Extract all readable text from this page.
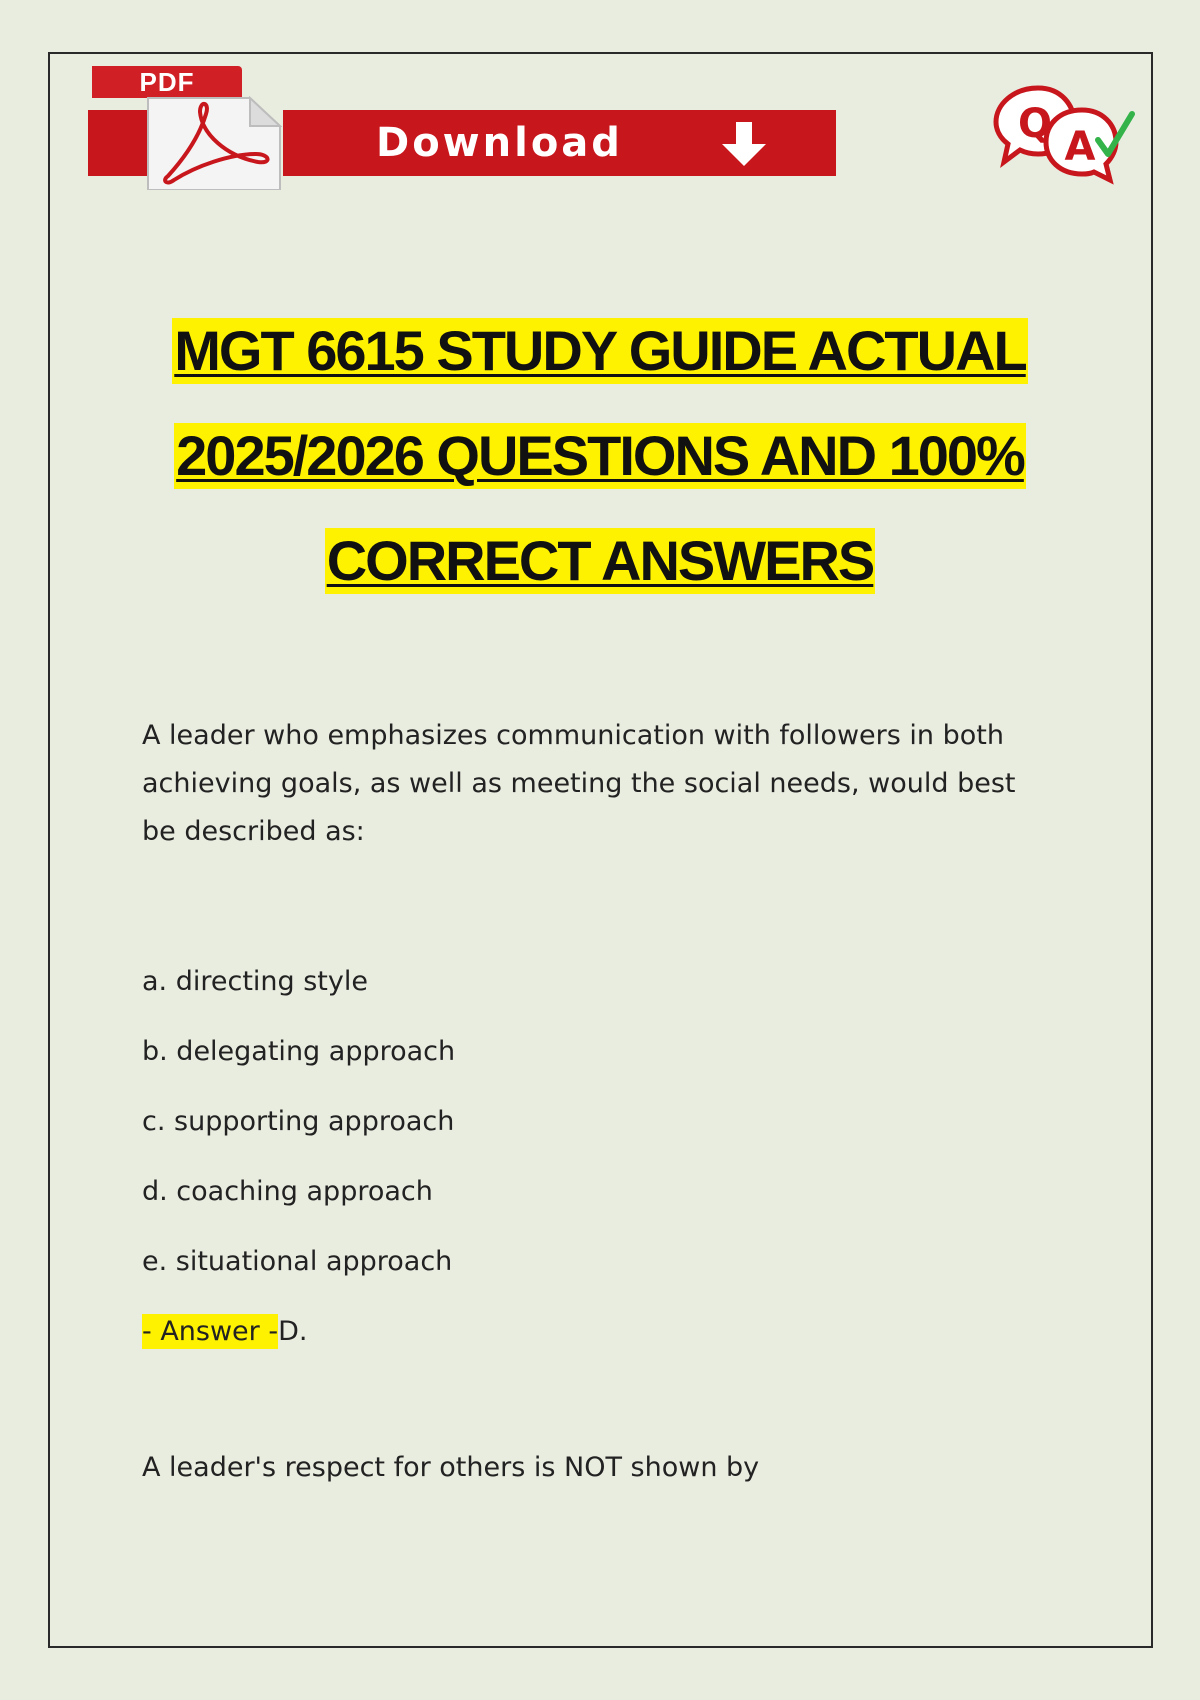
PDF
Download	Q A
MGT 6615 STUDY GUIDE ACTUAL
2025/2026 QUESTIONS AND 100%
CORRECT ANSWERS

A leader who emphasizes communication with followers in both achieving goals, as well as meeting the social needs, would best be described as:

a. directing style

b. delegating approach

c. supporting approach

d. coaching approach

e. situational approach

- Answer -D.

A leader's respect for others is NOT shown by
